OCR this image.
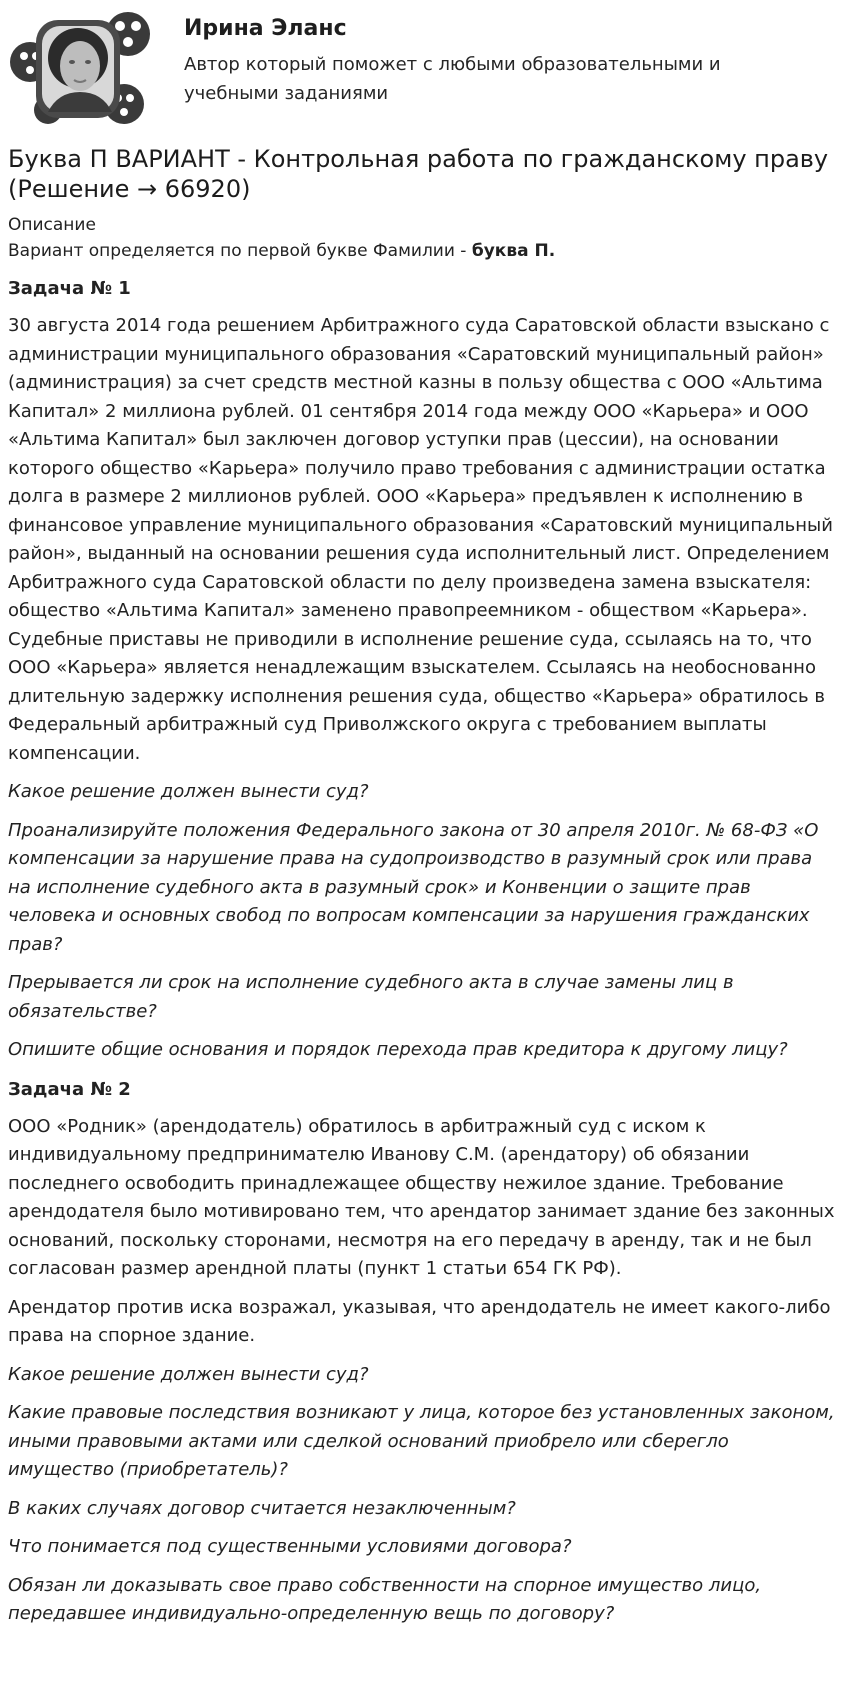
Ирина Эланс
Автор который поможет с любыми образовательными и учебными заданиями
Буква П ВАРИАНТ - Контрольная работа по гражданскому праву (Решение → 66920)
Описание
Вариант определяется по первой букве Фамилии - буква П.
Задача № 1

30 августа 2014 года решением Арбитражного суда Саратовской области взыскано с администрации муниципального образования «Саратовский муниципальный район» (администрация) за счет средств местной казны в пользу общества с ООО «Альтима Капитал» 2 миллиона рублей. 01 сентября 2014 года между ООО «Карьера» и ООО «Альтима Капитал» был заключен договор уступки прав (цессии), на основании которого общество «Карьера» получило право требования с администрации остатка долга в размере 2 миллионов рублей. ООО «Карьера» предъявлен к исполнению в финансовое управление муниципального образования «Саратовский муниципальный район», выданный на основании решения суда исполнительный лист. Определением Арбитражного суда Саратовской области по делу произведена замена взыскателя: общество «Альтима Капитал» заменено правопреемником - обществом «Карьера». Судебные приставы не приводили в исполнение решение суда, ссылаясь на то, что ООО «Карьера» является ненадлежащим взыскателем. Ссылаясь на необоснованно длительную задержку исполнения решения суда, общество «Карьера» обратилось в Федеральный арбитражный суд Приволжского округа с требованием выплаты компенсации.

Какое решение должен вынести суд?

Проанализируйте положения Федерального закона от 30 апреля 2010г. № 68-ФЗ «О компенсации за нарушение права на судопроизводство в разумный срок или права на исполнение судебного акта в разумный срок» и Конвенции о защите прав человека и основных свобод по вопросам компенсации за нарушения гражданских прав?

Прерывается ли срок на исполнение судебного акта в случае замены лиц в обязательстве?

Опишите общие основания и порядок перехода прав кредитора к другому лицу?

Задача № 2

ООО «Родник» (арендодатель) обратилось в арбитражный суд с иском к индивидуальному предпринимателю Иванову С.М. (арендатору) об обязании последнего освободить принадлежащее обществу нежилое здание. Требование арендодателя было мотивировано тем, что арендатор занимает здание без законных оснований, поскольку сторонами, несмотря на его передачу в аренду, так и не был согласован размер арендной платы (пункт 1 статьи 654 ГК РФ).

Арендатор против иска возражал, указывая, что арендодатель не имеет какого-либо права на спорное здание.

Какое решение должен вынести суд?

Какие правовые последствия возникают у лица, которое без установленных законом, иными правовыми актами или сделкой оснований приобрело или сберегло имущество (приобретатель)?

В каких случаях договор считается незаключенным?

Что понимается под существенными условиями договора?

Обязан ли доказывать свое право собственности на спорное имущество лицо, передавшее индивидуально-определенную вещь по договору?
